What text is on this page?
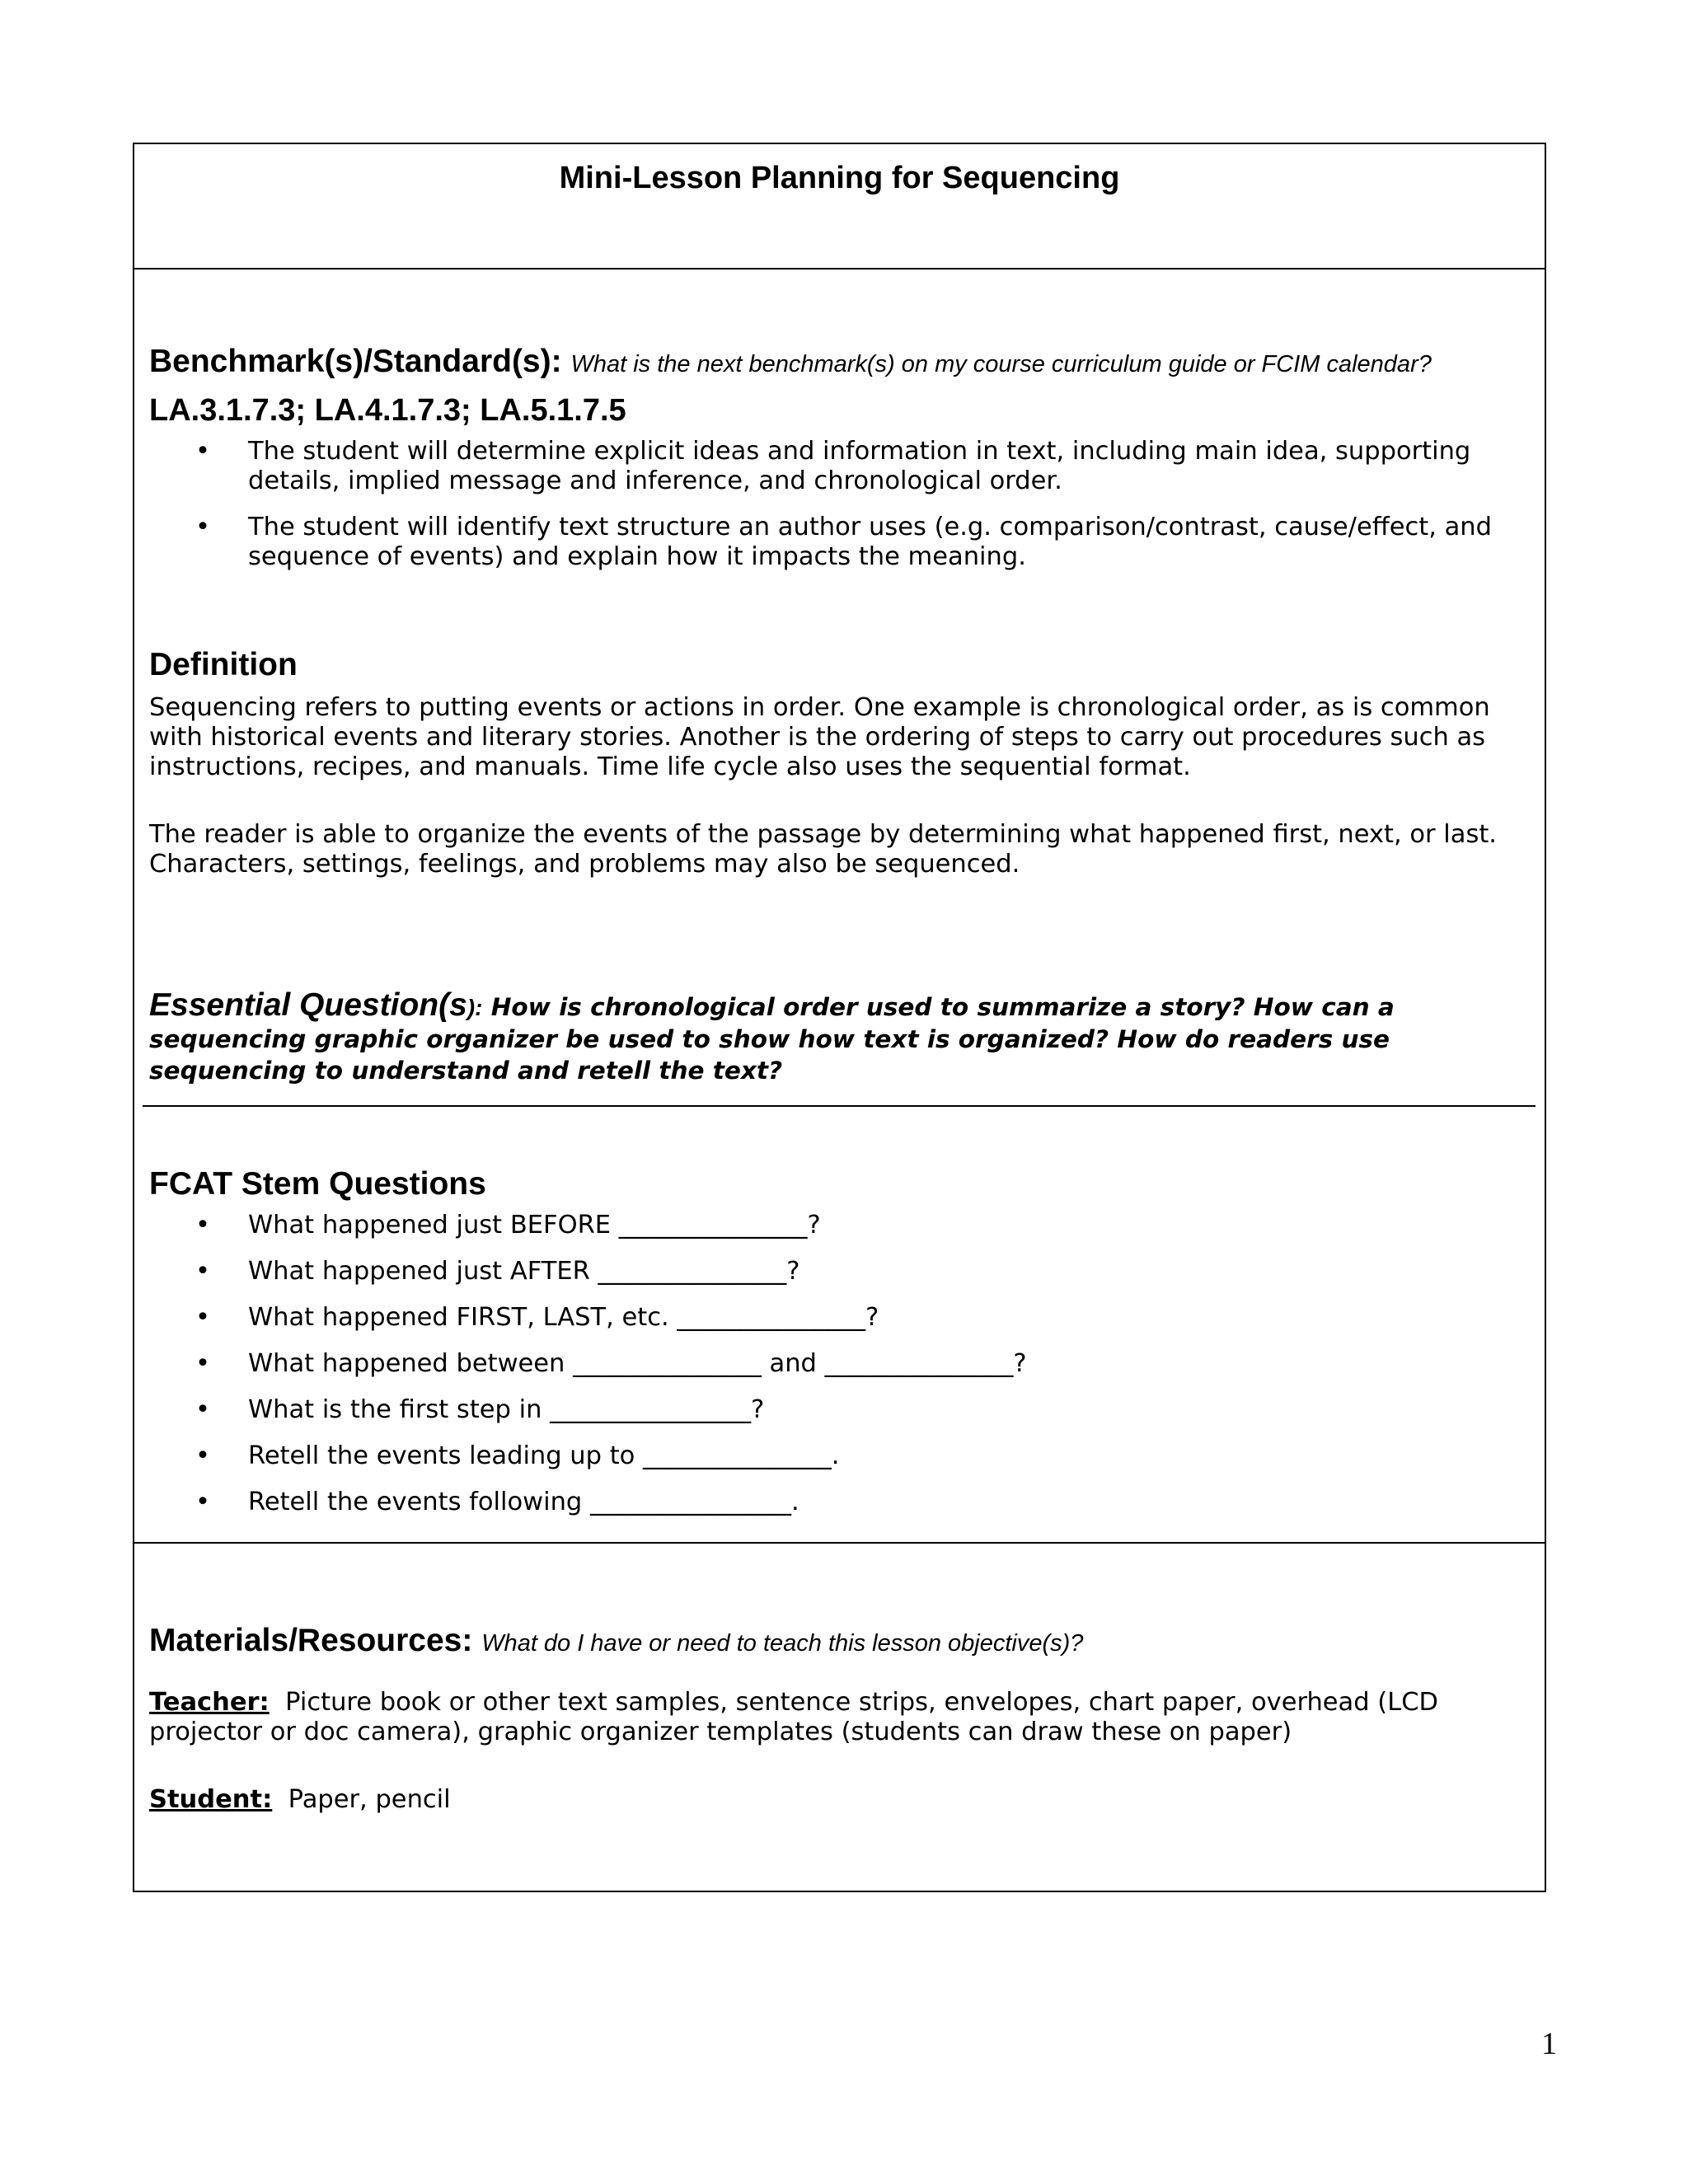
Mini-Lesson Planning for Sequencing
Benchmark(s)/Standard(s): What is the next benchmark(s) on my course curriculum guide or FCIM calendar?
LA.3.1.7.3; LA.4.1.7.3; LA.5.1.7.5
• The student will determine explicit ideas and information in text, including main idea, supporting details, implied message and inference, and chronological order.
• The student will identify text structure an author uses (e.g. comparison/contrast, cause/effect, and sequence of events) and explain how it impacts the meaning.
Definition
Sequencing refers to putting events or actions in order. One example is chronological order, as is common with historical events and literary stories. Another is the ordering of steps to carry out procedures such as instructions, recipes, and manuals. Time life cycle also uses the sequential format.
The reader is able to organize the events of the passage by determining what happened first, next, or last. Characters, settings, feelings, and problems may also be sequenced.
Essential Question(s): How is chronological order used to summarize a story? How can a sequencing graphic organizer be used to show how text is organized? How do readers use sequencing to understand and retell the text?
FCAT Stem Questions
• What happened just BEFORE _______________?
• What happened just AFTER _______________?
• What happened FIRST, LAST, etc. _______________?
• What happened between _______________ and _______________?
• What is the first step in ________________?
• Retell the events leading up to _______________.
• Retell the events following ________________.
Materials/Resources: What do I have or need to teach this lesson objective(s)?
Teacher: Picture book or other text samples, sentence strips, envelopes, chart paper, overhead (LCD projector or doc camera), graphic organizer templates (students can draw these on paper)
Student: Paper, pencil
1
